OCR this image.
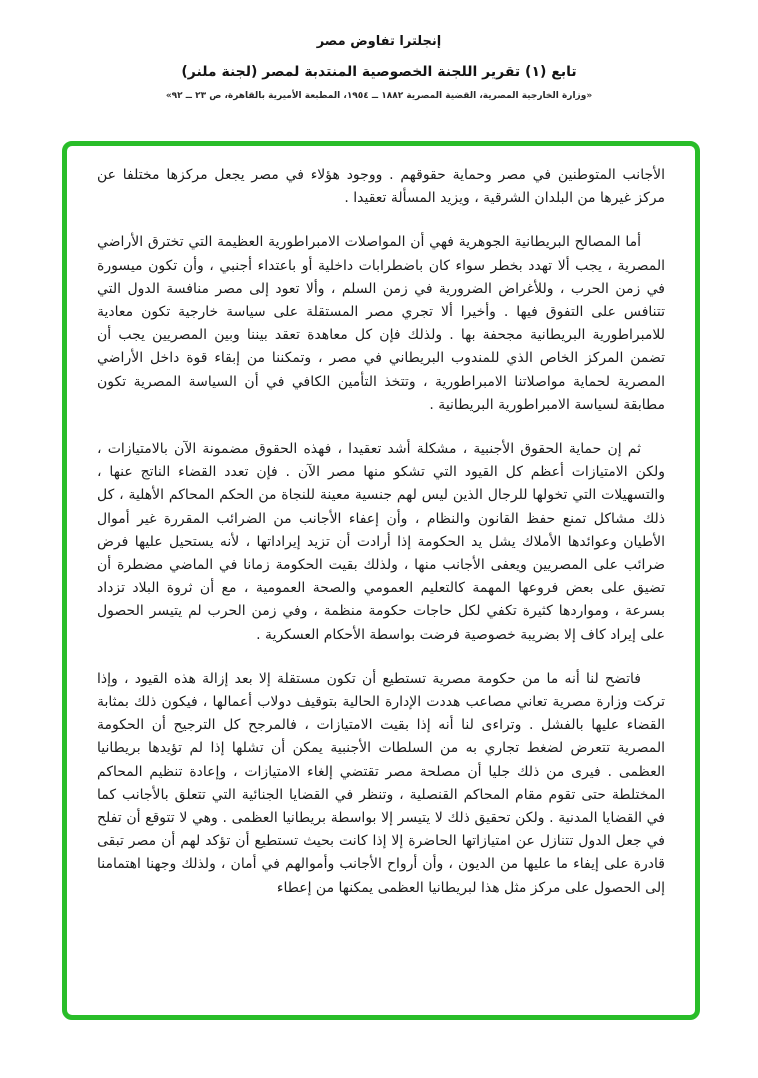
إنجلترا تفاوض مصر
تابع (١) تقرير اللجنة الخصوصية المنتدبة لمصر (لجنة ملنر)
«وزارة الخارجية المصرية، القضية المصرية ١٨٨٢ ــ ١٩٥٤، المطبعة الأميرية بالقاهرة، ص ٢٣ ــ ٩٢»

الأجانب المتوطنين في مصر وحماية حقوقهم . ووجود هؤلاء في مصر يجعل مركزها مختلفا عن مركز غيرها من البلدان الشرقية ، ويزيد المسألة تعقيدا .

أما المصالح البريطانية الجوهرية فهي أن المواصلات الامبراطورية العظيمة التي تخترق الأراضي المصرية ، يجب ألا تهدد بخطر سواء كان باضطرابات داخلية أو باعتداء أجنبي ، وأن تكون ميسورة في زمن الحرب ، وللأغراض الضرورية في زمن السلم ، وألا تعود إلى مصر منافسة الدول التي تتنافس على التفوق فيها . وأخيرا ألا تجري مصر المستقلة على سياسة خارجية تكون معادية للامبراطورية البريطانية مجحفة بها . ولذلك فإن كل معاهدة تعقد بيننا وبين المصريين يجب أن تضمن المركز الخاص الذي للمندوب البريطاني في مصر ، وتمكننا من إبقاء قوة داخل الأراضي المصرية لحماية مواصلاتنا الامبراطورية ، وتتخذ التأمين الكافي في أن السياسة المصرية تكون مطابقة لسياسة الامبراطورية البريطانية .

ثم إن حماية الحقوق الأجنبية ، مشكلة أشد تعقيدا ، فهذه الحقوق مضمونة الآن بالامتيازات ، ولكن الامتيازات أعظم كل القيود التي تشكو منها مصر الآن . فإن تعدد القضاء الناتج عنها ، والتسهيلات التي تخولها للرجال الذين ليس لهم جنسية معينة للنجاة من الحكم المحاكم الأهلية ، كل ذلك مشاكل تمنع حفظ القانون والنظام ، وأن إعفاء الأجانب من الضرائب المقررة غير أموال الأطيان وعوائدها الأملاك يشل يد الحكومة إذا أرادت أن تزيد إيراداتها ، لأنه يستحيل عليها فرض ضرائب على المصريين ويعفى الأجانب منها ، ولذلك بقيت الحكومة زمانا في الماضي مضطرة أن تضيق على بعض فروعها المهمة كالتعليم العمومي والصحة العمومية ، مع أن ثروة البلاد تزداد بسرعة ، ومواردها كثيرة تكفي لكل حاجات حكومة منظمة ، وفي زمن الحرب لم يتيسر الحصول على إيراد كاف إلا بضريبة خصوصية فرضت بواسطة الأحكام العسكرية .

فاتضح لنا أنه ما من حكومة مصرية تستطيع أن تكون مستقلة إلا بعد إزالة هذه القيود ، وإذا تركت وزارة مصرية تعاني مصاعب هددت الإدارة الحالية بتوقيف دولاب أعمالها ، فيكون ذلك بمثابة القضاء عليها بالفشل . وتراءى لنا أنه إذا بقيت الامتيازات ، فالمرجح كل الترجيح أن الحكومة المصرية تتعرض لضغط تجاري به من السلطات الأجنبية يمكن أن تشلها إذا لم تؤيدها بريطانيا العظمى . فيرى من ذلك جليا أن مصلحة مصر تقتضي إلغاء الامتيازات ، وإعادة تنظيم المحاكم المختلطة حتى تقوم مقام المحاكم القنصلية ، وتنظر في القضايا الجنائية التي تتعلق بالأجانب كما في القضايا المدنية . ولكن تحقيق ذلك لا يتيسر إلا بواسطة بريطانيا العظمى . وهي لا تتوقع أن تفلح في جعل الدول تتنازل عن امتيازاتها الحاضرة إلا إذا كانت بحيث تستطيع أن تؤكد لهم أن مصر تبقى قادرة على إيفاء ما عليها من الديون ، وأن أرواح الأجانب وأموالهم في أمان ، ولذلك وجهنا اهتمامنا إلى الحصول على مركز مثل هذا لبريطانيا العظمى يمكنها من إعطاء
